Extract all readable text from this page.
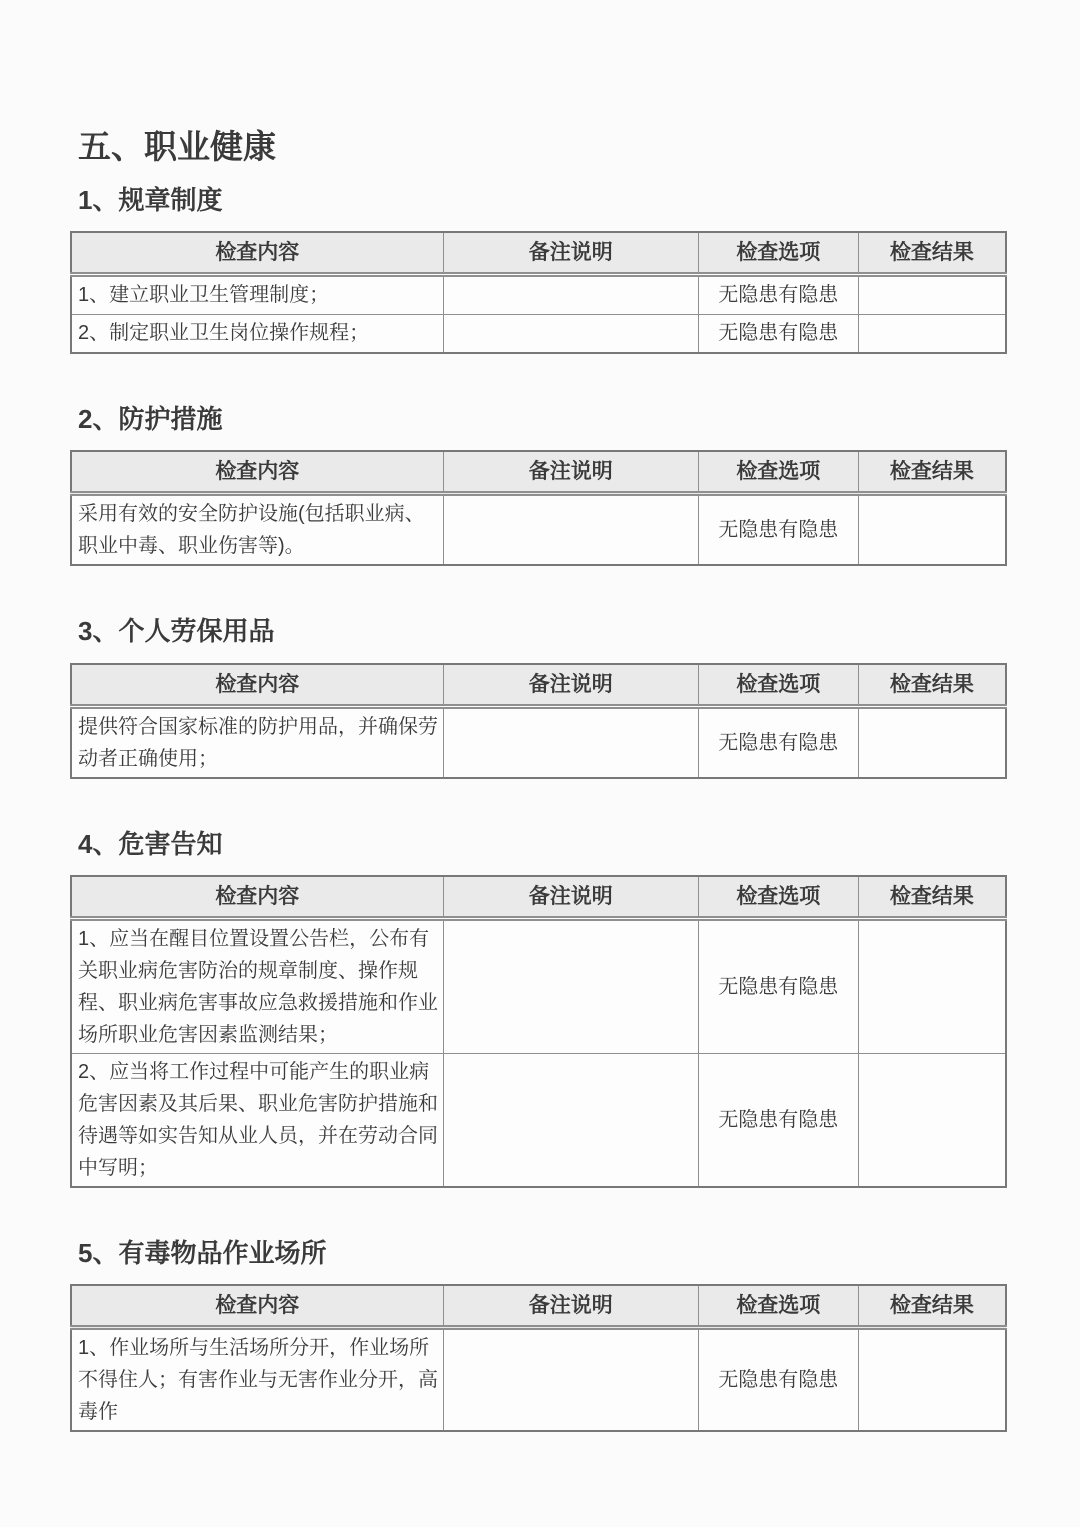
五、职业健康
1、规章制度
检查内容	备注说明	检查选项	检查结果
1、建立职业卫生管理制度；		无隐患有隐患	
2、制定职业卫生岗位操作规程；		无隐患有隐患	
2、防护措施
检查内容	备注说明	检查选项	检查结果
采用有效的安全防护设施(包括职业病、职业中毒、职业伤害等)。		无隐患有隐患	
3、个人劳保用品
检查内容	备注说明	检查选项	检查结果
提供符合国家标准的防护用品，并确保劳动者正确使用；		无隐患有隐患	
4、危害告知
检查内容	备注说明	检查选项	检查结果
1、应当在醒目位置设置公告栏，公布有关职业病危害防治的规章制度、操作规程、职业病危害事故应急救援措施和作业场所职业危害因素监测结果；		无隐患有隐患	
2、应当将工作过程中可能产生的职业病危害因素及其后果、职业危害防护措施和待遇等如实告知从业人员，并在劳动合同中写明；		无隐患有隐患	
5、有毒物品作业场所
检查内容	备注说明	检查选项	检查结果
1、作业场所与生活场所分开，作业场所不得住人；有害作业与无害作业分开，高毒作		无隐患有隐患	
